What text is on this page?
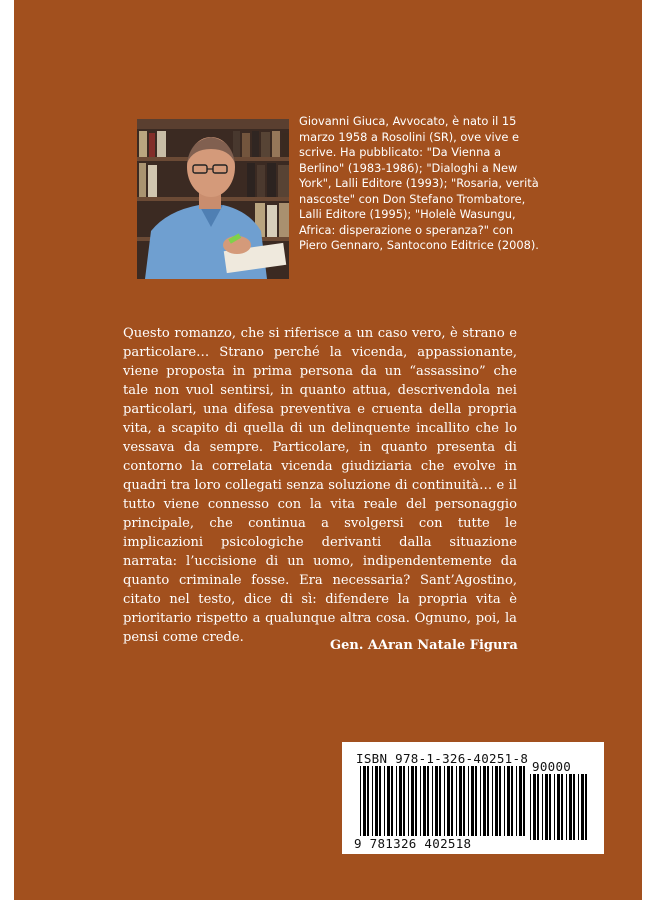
Giovanni Giuca, Avvocato, è nato il 15 marzo 1958 a Rosolini (SR), ove vive e scrive. Ha pubblicato: "Da Vienna a Berlino" (1983-1986); "Dialoghi a New York", Lalli Editore (1993); "Rosaria, verità nascoste" con Don Stefano Trombatore, Lalli Editore (1995); "Holelè Wasungu, Africa: disperazione o speranza?" con Piero Gennaro, Santocono Editrice (2008).

Questo romanzo, che si riferisce a un caso vero, è strano e particolare… Strano perché la vicenda, appassionante, viene proposta in prima persona da un “assassino” che tale non vuol sentirsi, in quanto attua, descrivendola nei particolari, una difesa preventiva e cruenta della propria vita, a scapito di quella di un delinquente incallito che lo vessava da sempre. Particolare, in quanto presenta di contorno la correlata vicenda giudiziaria che evolve in quadri tra loro collegati senza soluzione di continuità… e il tutto viene connesso con la vita reale del personaggio principale, che continua a svolgersi con tutte le implicazioni psicologiche derivanti dalla situazione narrata: l’uccisione di un uomo, indipendentemente da quanto criminale fosse. Era necessaria? Sant’Agostino, citato nel testo, dice di sì: difendere la propria vita è prioritario rispetto a qualunque altra cosa. Ognuno, poi, la pensi come crede.

Gen. AAran Natale Figura

ISBN 978-1-326-40251-8
90000
9 781326 402518
